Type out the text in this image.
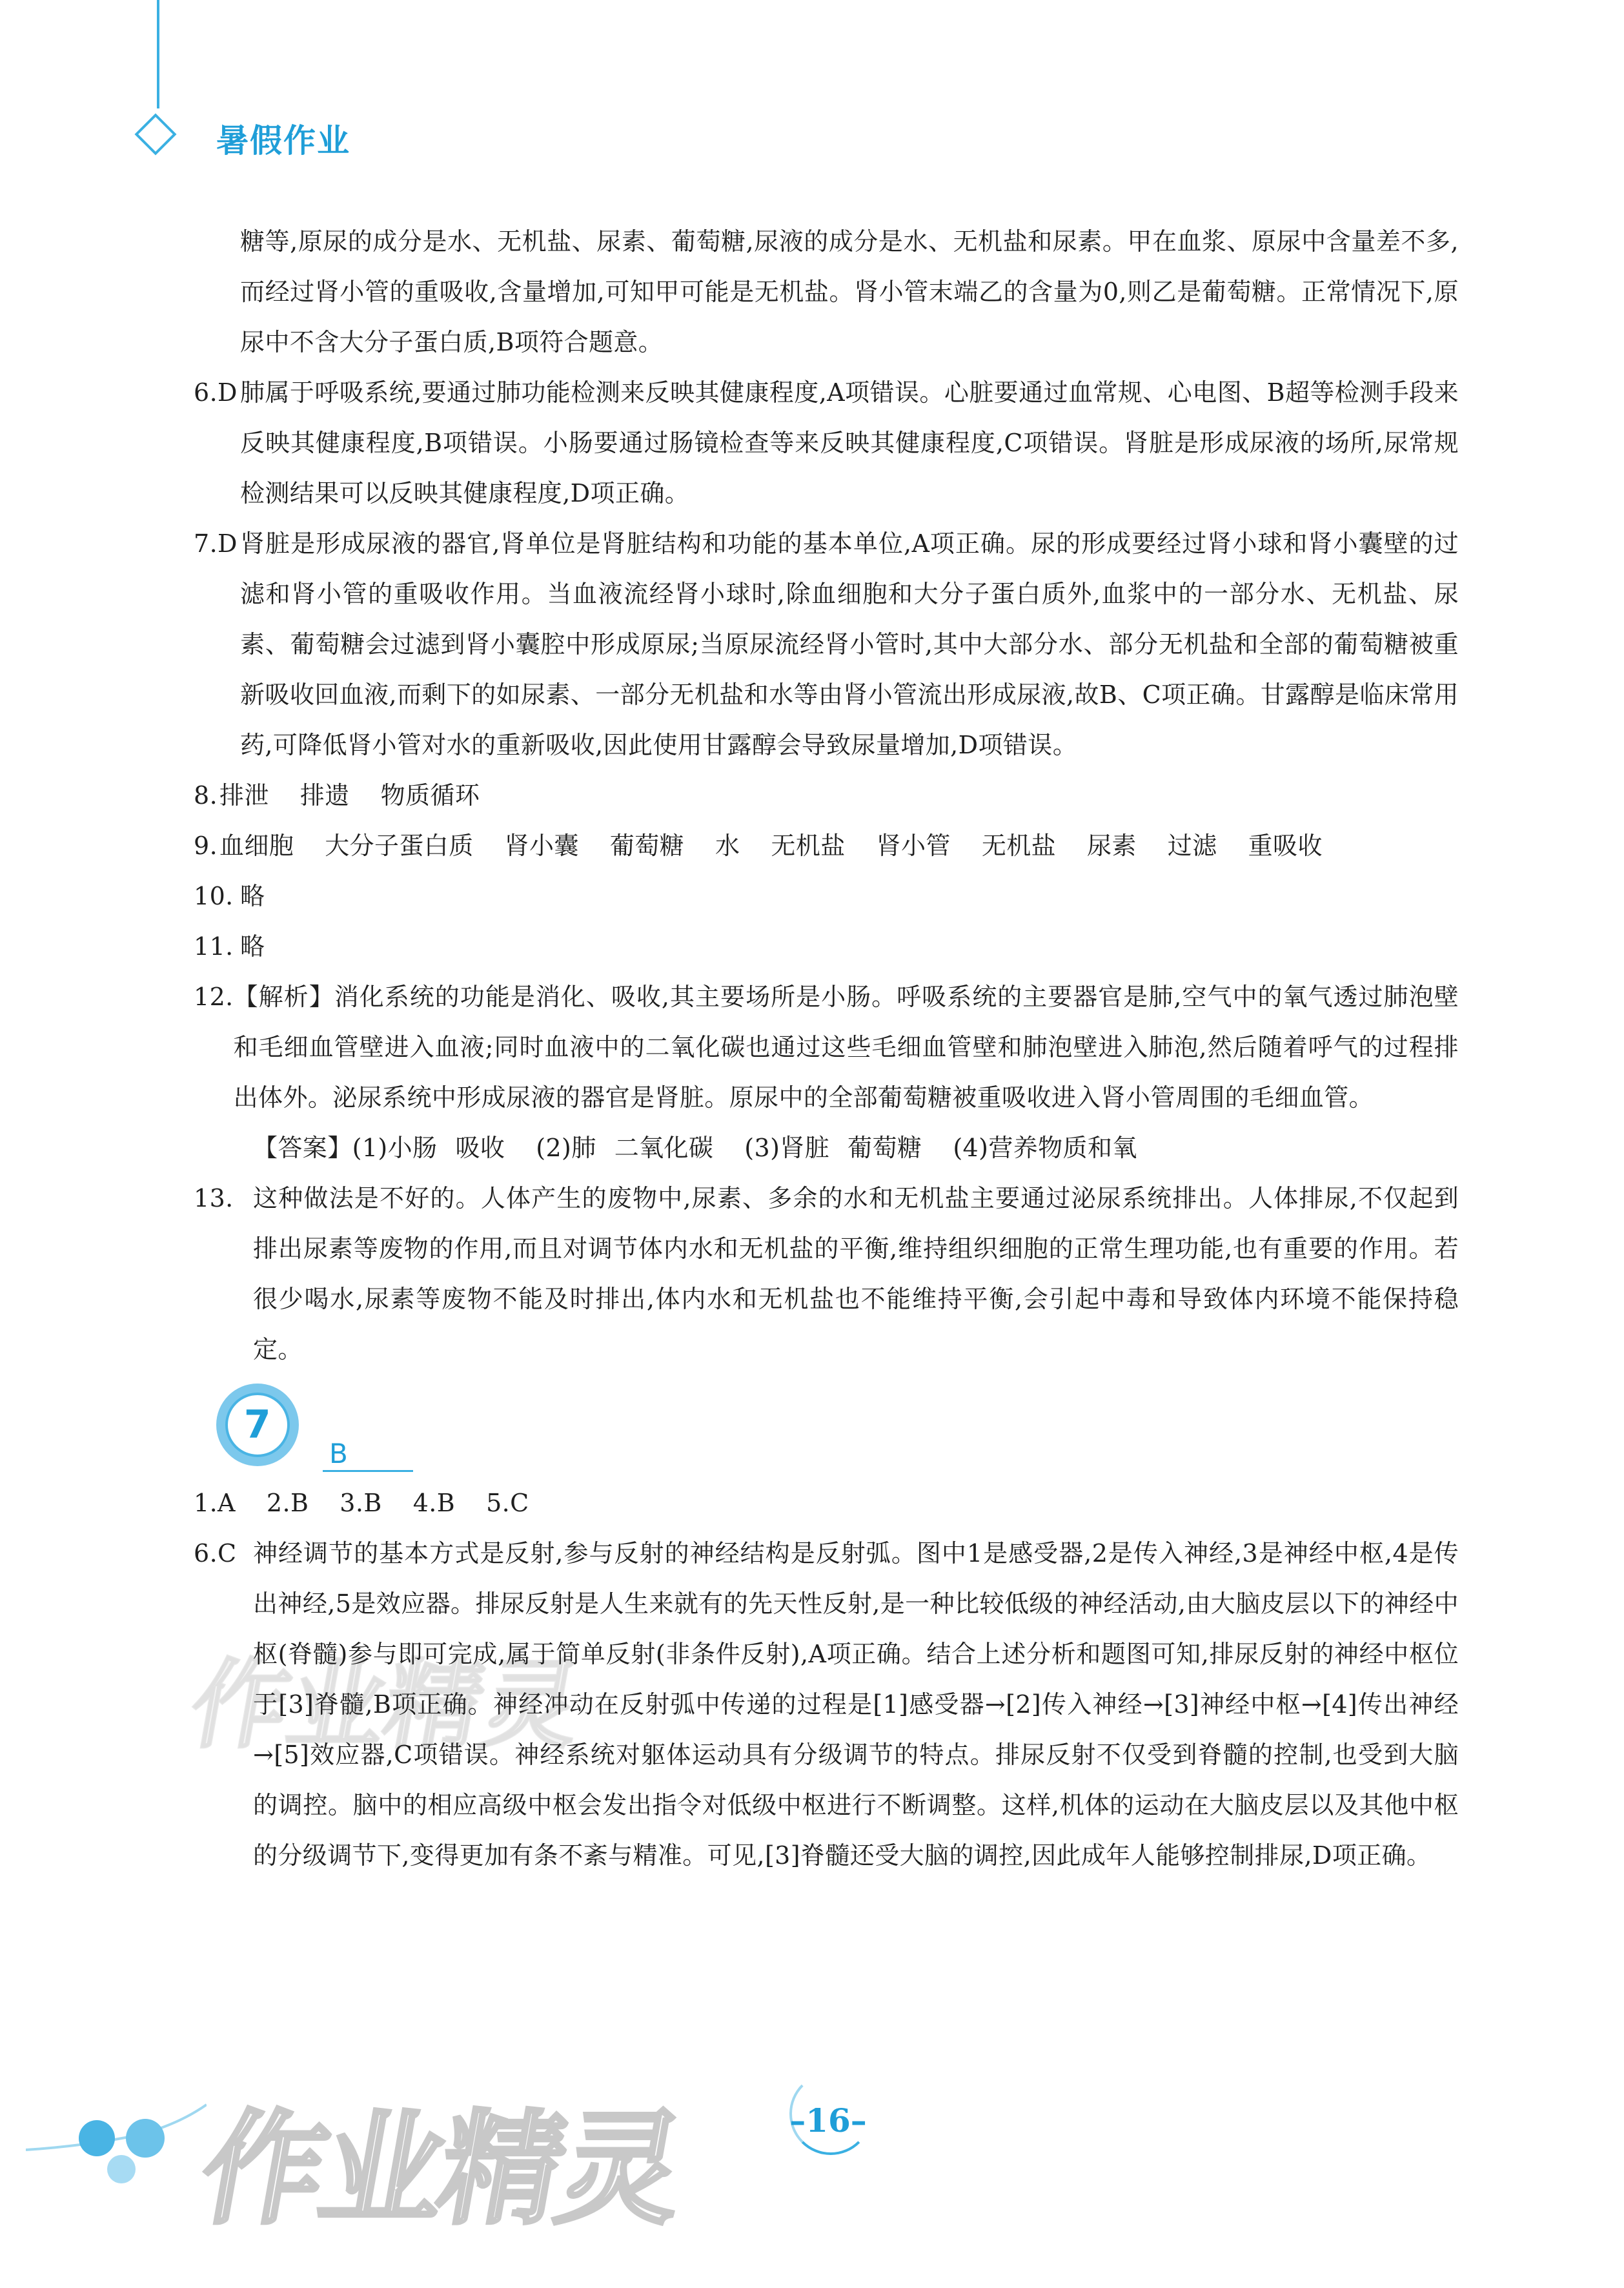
暑假作业
作业精灵
糖等,原尿的成分是水、无机盐、尿素、葡萄糖,尿液的成分是水、无机盐和尿素。甲在血浆、原尿中含量差不多,而经过肾小管的重吸收,含量增加,可知甲可能是无机盐。肾小管末端乙的含量为0,则乙是葡萄糖。正常情况下,原尿中不含大分子蛋白质,B项符合题意。
6.D 肺属于呼吸系统,要通过肺功能检测来反映其健康程度,A项错误。心脏要通过血常规、心电图、B超等检测手段来反映其健康程度,B项错误。小肠要通过肠镜检查等来反映其健康程度,C项错误。肾脏是形成尿液的场所,尿常规检测结果可以反映其健康程度,D项正确。
7.D 肾脏是形成尿液的器官,肾单位是肾脏结构和功能的基本单位,A项正确。尿的形成要经过肾小球和肾小囊壁的过滤和肾小管的重吸收作用。当血液流经肾小球时,除血细胞和大分子蛋白质外,血浆中的一部分水、无机盐、尿素、葡萄糖会过滤到肾小囊腔中形成原尿;当原尿流经肾小管时,其中大部分水、部分无机盐和全部的葡萄糖被重新吸收回血液,而剩下的如尿素、一部分无机盐和水等由肾小管流出形成尿液,故B、C项正确。甘露醇是临床常用药,可降低肾小管对水的重新吸收,因此使用甘露醇会导致尿量增加,D项错误。
8. 排泄 排遗 物质循环
9. 血细胞 大分子蛋白质 肾小囊 葡萄糖 水 无机盐 肾小管 无机盐 尿素 过滤 重吸收
10. 略
11. 略
12. 【解析】消化系统的功能是消化、吸收,其主要场所是小肠。呼吸系统的主要器官是肺,空气中的氧气透过肺泡壁和毛细血管壁进入血液;同时血液中的二氧化碳也通过这些毛细血管壁和肺泡壁进入肺泡,然后随着呼气的过程排出体外。泌尿系统中形成尿液的器官是肾脏。原尿中的全部葡萄糖被重吸收进入肾小管周围的毛细血管。
【答案】(1)小肠 吸收 (2)肺 二氧化碳 (3)肾脏 葡萄糖 (4)营养物质和氧
13. 这种做法是不好的。人体产生的废物中,尿素、多余的水和无机盐主要通过泌尿系统排出。人体排尿,不仅起到排出尿素等废物的作用,而且对调节体内水和无机盐的平衡,维持组织细胞的正常生理功能,也有重要的作用。若很少喝水,尿素等废物不能及时排出,体内水和无机盐也不能维持平衡,会引起中毒和导致体内环境不能保持稳定。
7
B
1.A 2.B 3.B 4.B 5.C
6.C 神经调节的基本方式是反射,参与反射的神经结构是反射弧。图中1是感受器,2是传入神经,3是神经中枢,4是传出神经,5是效应器。排尿反射是人生来就有的先天性反射,是一种比较低级的神经活动,由大脑皮层以下的神经中枢(脊髓)参与即可完成,属于简单反射(非条件反射),A项正确。结合上述分析和题图可知,排尿反射的神经中枢位于[3]脊髓,B项正确。神经冲动在反射弧中传递的过程是[1]感受器→[2]传入神经→[3]神经中枢→[4]传出神经→[5]效应器,C项错误。神经系统对躯体运动具有分级调节的特点。排尿反射不仅受到脊髓的控制,也受到大脑的调控。脑中的相应高级中枢会发出指令对低级中枢进行不断调整。这样,机体的运动在大脑皮层以及其他中枢的分级调节下,变得更加有条不紊与精准。可见,[3]脊髓还受大脑的调控,因此成年人能够控制排尿,D项正确。
作业精灵	–16–
